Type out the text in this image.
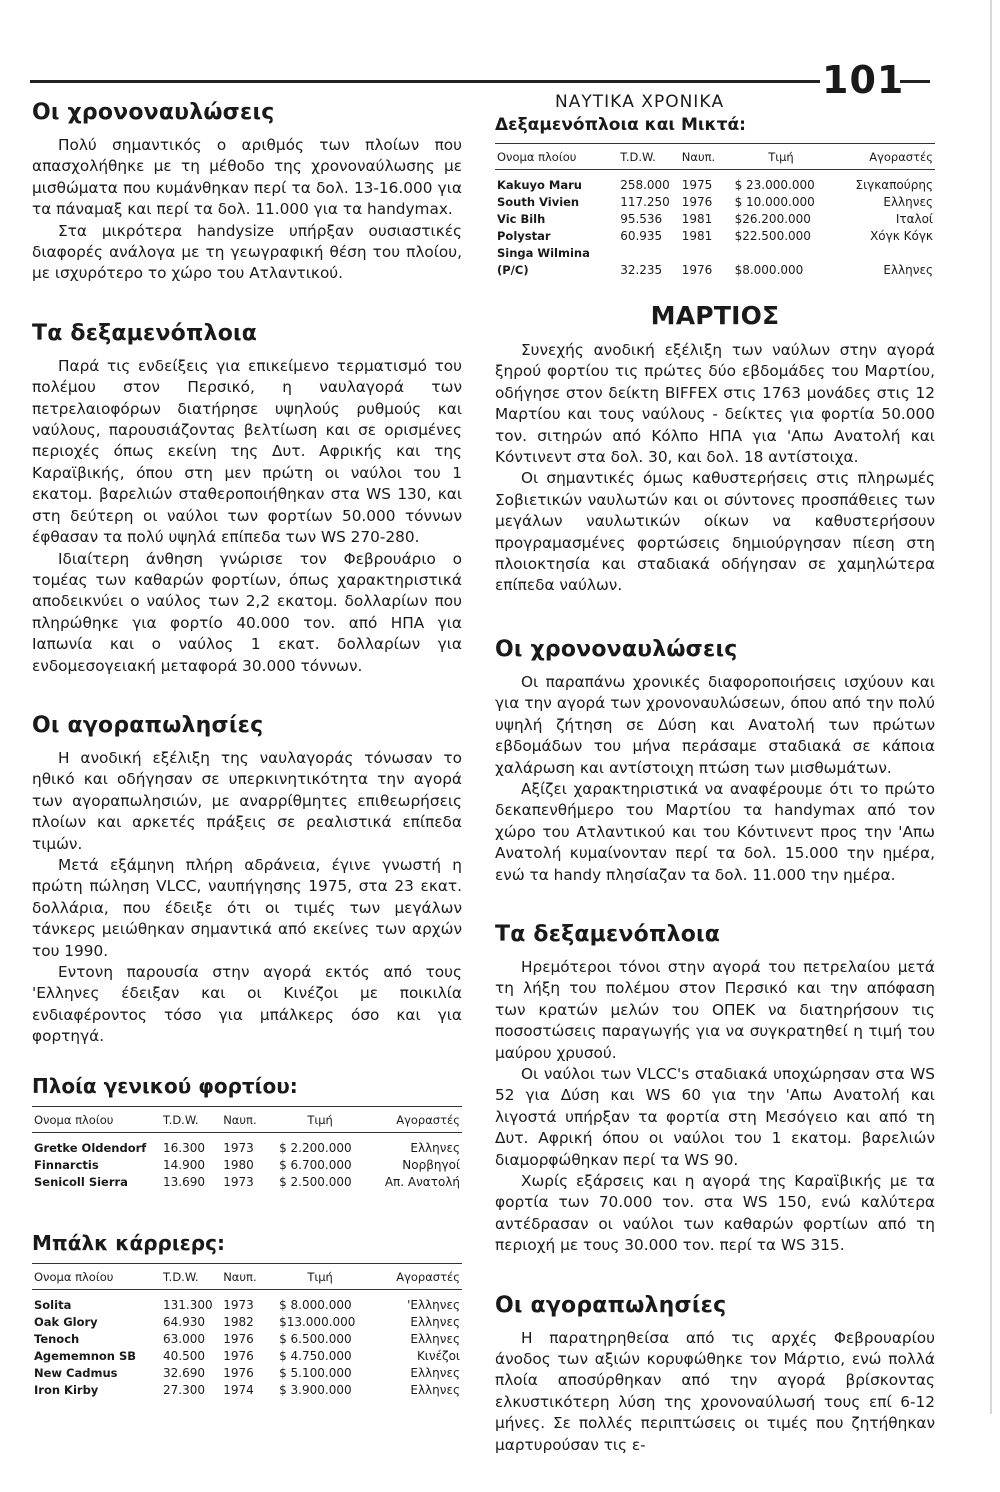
101
ΝΑΥΤΙΚΑ ΧΡΟΝΙΚΑ
Οι χρονοναυλώσεις

Πολύ σημαντικός ο αριθμός των πλοίων που απασχολήθηκε με τη μέθοδο της χρονοναύλωσης με μισθώματα που κυμάνθηκαν περί τα δολ. 13-16.000 για τα πάναμαξ και περί τα δολ. 11.000 για τα handymax.

Στα μικρότερα handysize υπήρξαν ουσιαστικές διαφορές ανάλογα με τη γεωγραφική θέση του πλοίου, με ισχυρότερο το χώρο του Ατλαντικού.

Τα δεξαμενόπλοια

Παρά τις ενδείξεις για επικείμενο τερματισμό του πολέμου στον Περσικό, η ναυλαγορά των πετρελαιοφόρων διατήρησε υψηλούς ρυθμούς και ναύλους, παρουσιάζοντας βελτίωση και σε ορισμένες περιοχές όπως εκείνη της Δυτ. Αφρικής και της Καραϊβικής, όπου στη μεν πρώτη οι ναύλοι του 1 εκατομ. βαρελιών σταθεροποιήθηκαν στα WS 130, και στη δεύτερη οι ναύλοι των φορτίων 50.000 τόννων έφθασαν τα πολύ υψηλά επίπεδα των WS 270-280.

Ιδιαίτερη άνθηση γνώρισε τον Φεβρουάριο ο τομέας των καθαρών φορτίων, όπως χαρακτηριστικά αποδεικνύει ο ναύλος των 2,2 εκατομ. δολλαρίων που πληρώθηκε για φορτίο 40.000 τον. από ΗΠΑ για Ιαπωνία και ο ναύλος 1 εκατ. δολλαρίων για ενδομεσογειακή μεταφορά 30.000 τόννων.

Οι αγοραπωλησίες

Η ανοδική εξέλιξη της ναυλαγοράς τόνωσαν το ηθικό και οδήγησαν σε υπερκινητικότητα την αγορά των αγοραπωλησιών, με αναρρίθμητες επιθεωρήσεις πλοίων και αρκετές πράξεις σε ρεαλιστικά επίπεδα τιμών.

Μετά εξάμηνη πλήρη αδράνεια, έγινε γνωστή η πρώτη πώληση VLCC, ναυπήγησης 1975, στα 23 εκατ. δολλάρια, που έδειξε ότι οι τιμές των μεγάλων τάνκερς μειώθηκαν σημαντικά από εκείνες των αρχών του 1990.

Εντονη παρουσία στην αγορά εκτός από τους 'Ελληνες έδειξαν και οι Κινέζοι με ποικιλία ενδιαφέροντος τόσο για μπάλκερς όσο και για φορτηγά.

Πλοία γενικού φορτίου:
Ονομα πλοίου	T.D.W.	Ναυπ.	Τιμή	Αγοραστές
Gretke Oldendorf	16.300	1973	$ 2.200.000	Ελληνες
Finnarctis	14.900	1980	$ 6.700.000	Νορβηγοί
Senicoll Sierra	13.690	1973	$ 2.500.000	Απ. Ανατολή
Μπάλκ κάρριερς:
Ονομα πλοίου	T.D.W.	Ναυπ.	Τιμή	Αγοραστές
Solita	131.300	1973	$ 8.000.000	'Ελληνες
Oak Glory	64.930	1982	$13.000.000	Ελληνες
Tenoch	63.000	1976	$ 6.500.000	Ελληνες
Agememnon SB	40.500	1976	$ 4.750.000	Κινέζοι
New Cadmus	32.690	1976	$ 5.100.000	Ελληνες
Iron Kirby	27.300	1974	$ 3.900.000	Ελληνες
Δεξαμενόπλοια και Μικτά:
Ονομα πλοίου	T.D.W.	Ναυπ.	Τιμή	Αγοραστές
Kakuyo Maru	258.000	1975	$ 23.000.000	Σιγκαπούρης
South Vivien	117.250	1976	$ 10.000.000	Ελληνες
Vic Bilh	95.536	1981	$26.200.000	Ιταλοί
Polystar	60.935	1981	$22.500.000	Χόγκ Κόγκ
Singa Wilmina				
(P/C)	32.235	1976	$8.000.000	Ελληνες
ΜΑΡΤΙΟΣ

Συνεχής ανοδική εξέλιξη των ναύλων στην αγορά ξηρού φορτίου τις πρώτες δύο εβδομάδες του Μαρτίου, οδήγησε στον δείκτη BIFFEX στις 1763 μονάδες στις 12 Μαρτίου και τους ναύλους - δείκτες για φορτία 50.000 τον. σιτηρών από Κόλπο ΗΠΑ για 'Απω Ανατολή και Κόντινεντ στα δολ. 30, και δολ. 18 αντίστοιχα.

Οι σημαντικές όμως καθυστερήσεις στις πληρωμές Σοβιετικών ναυλωτών και οι σύντονες προσπάθειες των μεγάλων ναυλωτικών οίκων να καθυστερήσουν προγραμασμένες φορτώσεις δημιούργησαν πίεση στη πλοιοκτησία και σταδιακά οδήγησαν σε χαμηλώτερα επίπεδα ναύλων.

Οι χρονοναυλώσεις

Οι παραπάνω χρονικές διαφοροποιήσεις ισχύουν και για την αγορά των χρονοναυλώσεων, όπου από την πολύ υψηλή ζήτηση σε Δύση και Ανατολή των πρώτων εβδομάδων του μήνα περάσαμε σταδιακά σε κάποια χαλάρωση και αντίστοιχη πτώση των μισθωμάτων.

Αξίζει χαρακτηριστικά να αναφέρουμε ότι το πρώτο δεκαπενθήμερο του Μαρτίου τα handymax από τον χώρο του Ατλαντικού και του Κόντινεντ προς την 'Απω Ανατολή κυμαίνονταν περί τα δολ. 15.000 την ημέρα, ενώ τα handy πλησίαζαν τα δολ. 11.000 την ημέρα.

Τα δεξαμενόπλοια

Ηρεμότεροι τόνοι στην αγορά του πετρελαίου μετά τη λήξη του πολέμου στον Περσικό και την απόφαση των κρατών μελών του ΟΠΕΚ να διατηρήσουν τις ποσοστώσεις παραγωγής για να συγκρατηθεί η τιμή του μαύρου χρυσού.

Οι ναύλοι των VLCC's σταδιακά υποχώρησαν στα WS 52 για Δύση και WS 60 για την 'Απω Ανατολή και λιγοστά υπήρξαν τα φορτία στη Μεσόγειο και από τη Δυτ. Αφρική όπου οι ναύλοι του 1 εκατομ. βαρελιών διαμορφώθηκαν περί τα WS 90.

Χωρίς εξάρσεις και η αγορά της Καραϊβικής με τα φορτία των 70.000 τον. στα WS 150, ενώ καλύτερα αντέδρασαν οι ναύλοι των καθαρών φορτίων από τη περιοχή με τους 30.000 τον. περί τα WS 315.

Οι αγοραπωλησίες

Η παρατηρηθείσα από τις αρχές Φεβρουαρίου άνοδος των αξιών κορυφώθηκε τον Μάρτιο, ενώ πολλά πλοία αποσύρθηκαν από την αγορά βρίσκοντας ελκυστικότερη λύση της χρονοναύλωσή τους επί 6-12 μήνες. Σε πολλές περιπτώσεις οι τιμές που ζητήθηκαν μαρτυρούσαν τις ε-
